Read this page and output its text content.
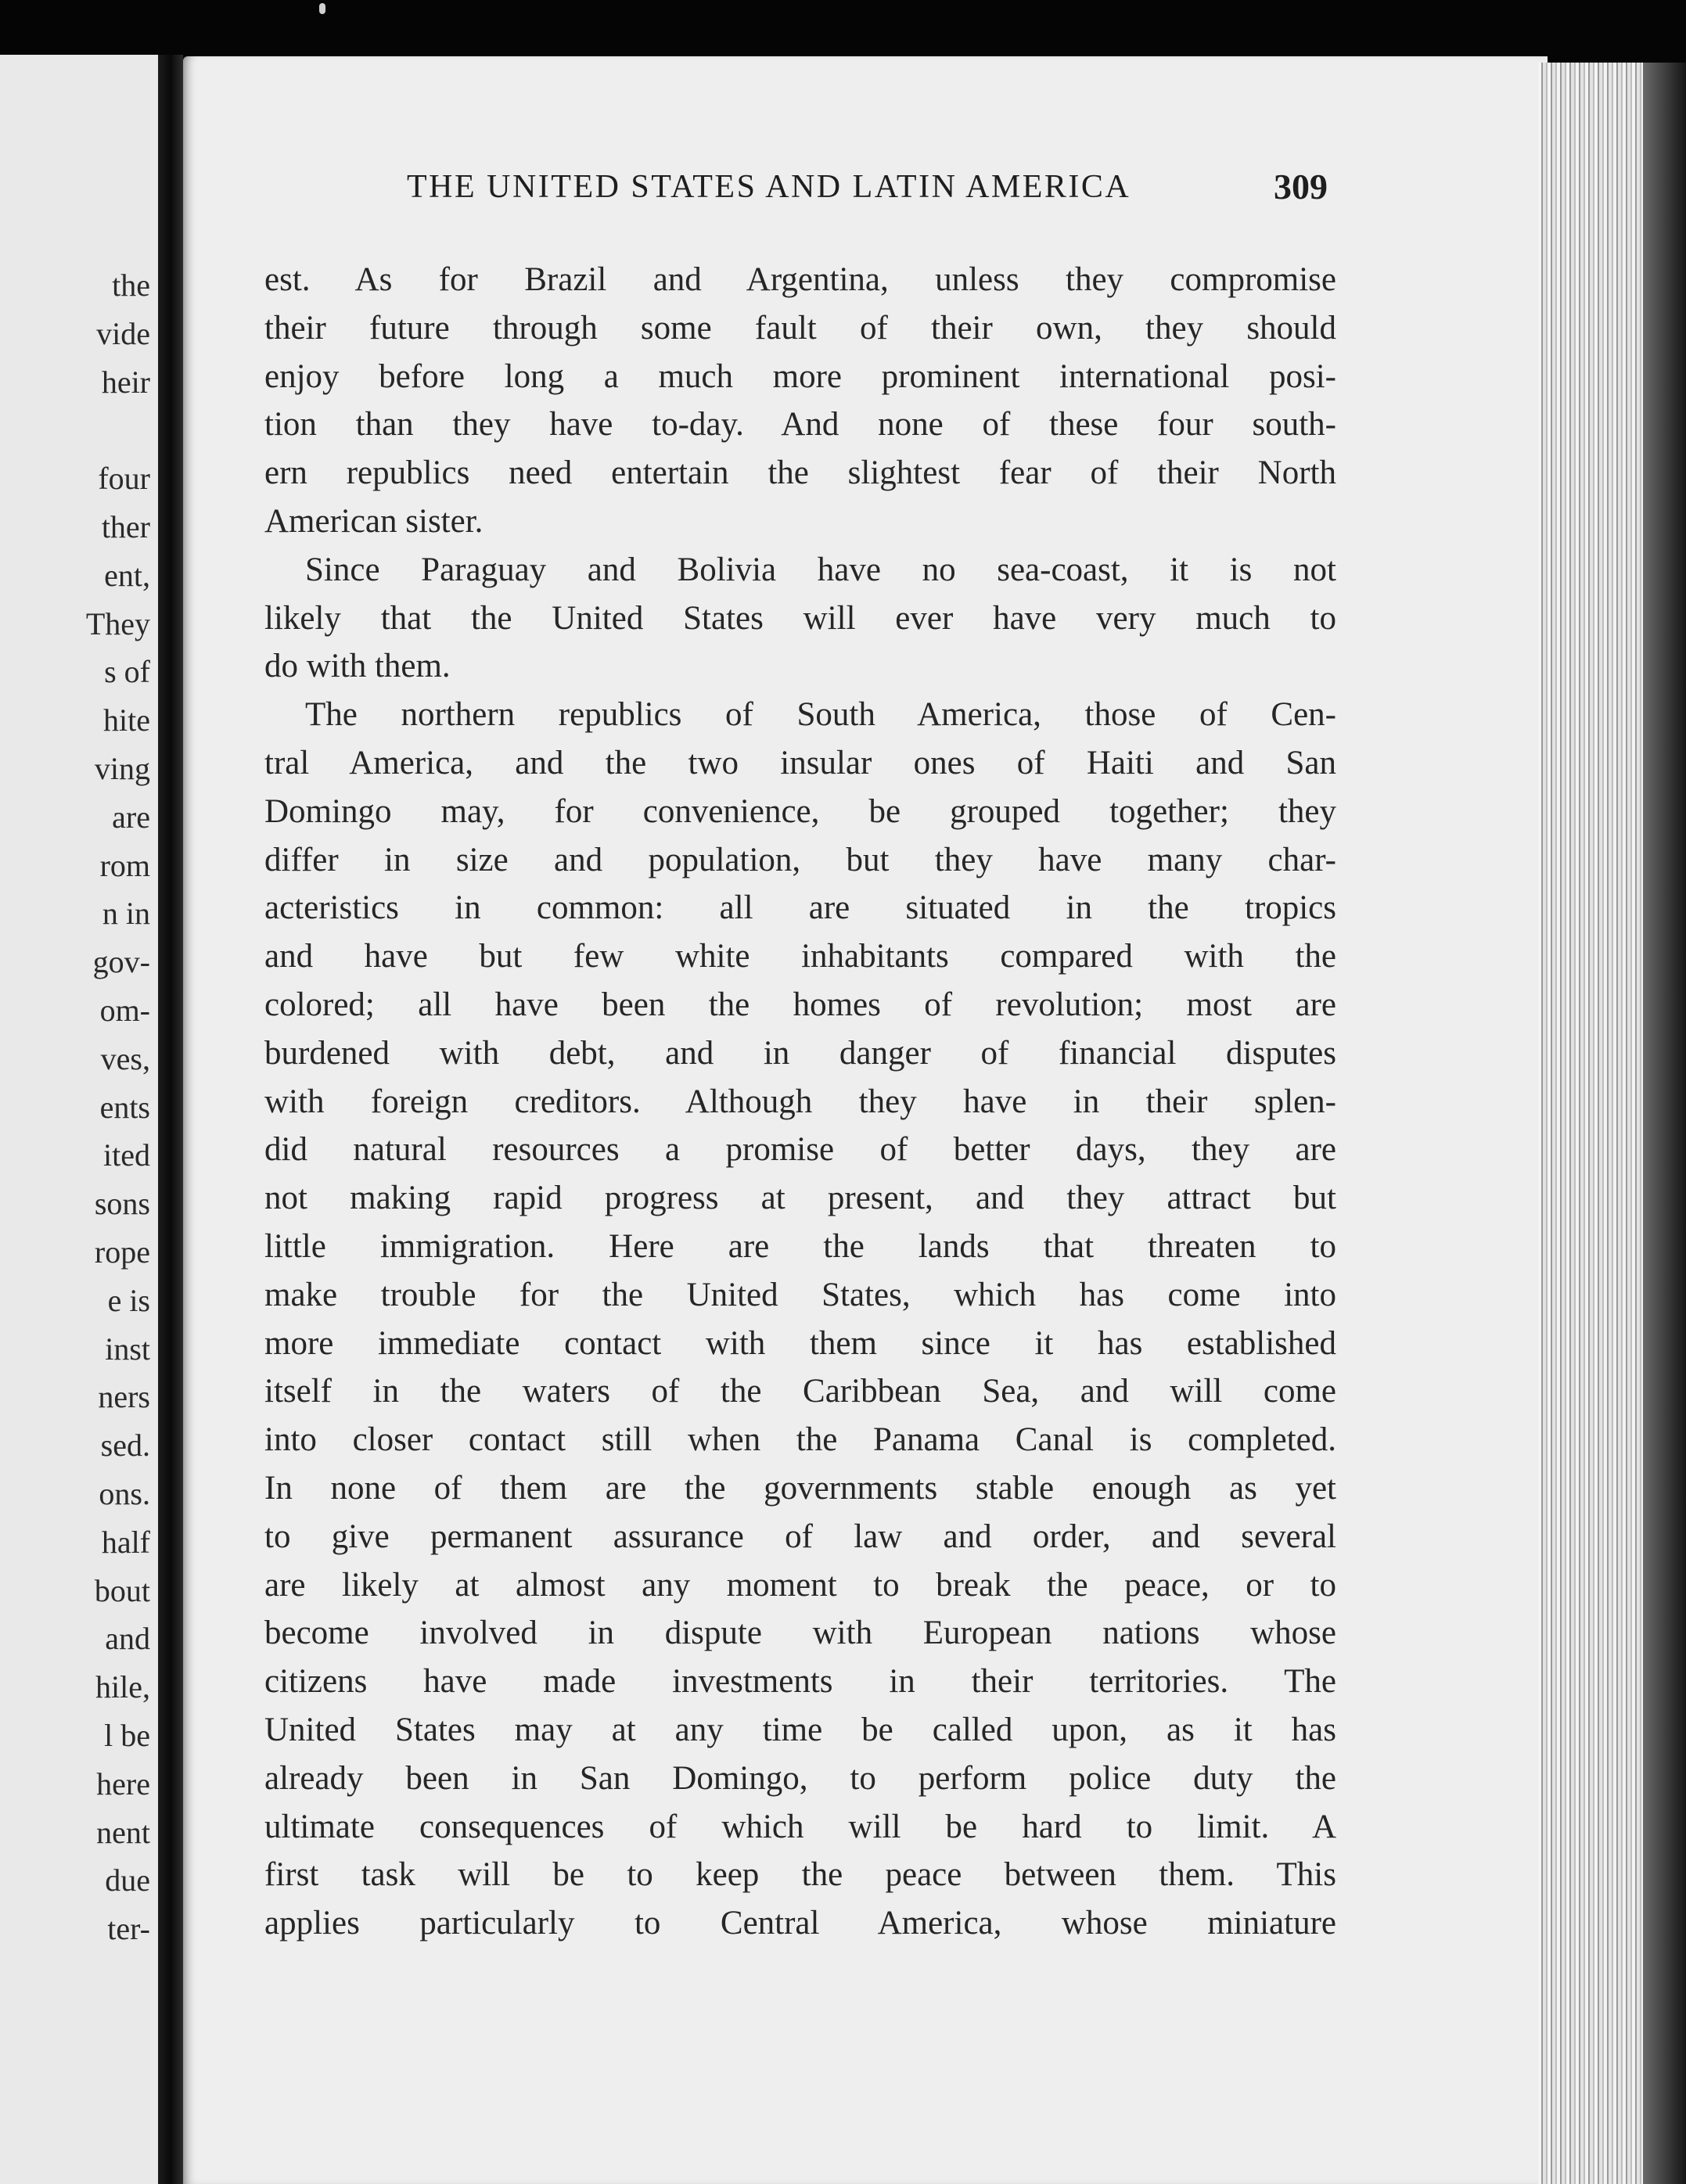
the
vide
heir
four
ther
ent,
They
s of
hite
ving
are
rom
n in
gov-
om-
ves,
ents
ited
sons
rope
e is
inst
ners
sed.
ons.
half
bout
and
hile,
l be
here
nent
due
ter-
THE UNITED STATES AND LATIN AMERICA	309
est. As for Brazil and Argentina, unless they compromise
their future through some fault of their own, they should
enjoy before long a much more prominent international posi-
tion than they have to-day. And none of these four south-
ern republics need entertain the slightest fear of their North
American sister.
Since Paraguay and Bolivia have no sea-coast, it is not
likely that the United States will ever have very much to
do with them.
The northern republics of South America, those of Cen-
tral America, and the two insular ones of Haiti and San
Domingo may, for convenience, be grouped together; they
differ in size and population, but they have many char-
acteristics in common: all are situated in the tropics
and have but few white inhabitants compared with the
colored; all have been the homes of revolution; most are
burdened with debt, and in danger of financial disputes
with foreign creditors. Although they have in their splen-
did natural resources a promise of better days, they are
not making rapid progress at present, and they attract but
little immigration. Here are the lands that threaten to
make trouble for the United States, which has come into
more immediate contact with them since it has established
itself in the waters of the Caribbean Sea, and will come
into closer contact still when the Panama Canal is completed.
In none of them are the governments stable enough as yet
to give permanent assurance of law and order, and several
are likely at almost any moment to break the peace, or to
become involved in dispute with European nations whose
citizens have made investments in their territories. The
United States may at any time be called upon, as it has
already been in San Domingo, to perform police duty the
ultimate consequences of which will be hard to limit. A
first task will be to keep the peace between them. This
applies particularly to Central America, whose miniature
